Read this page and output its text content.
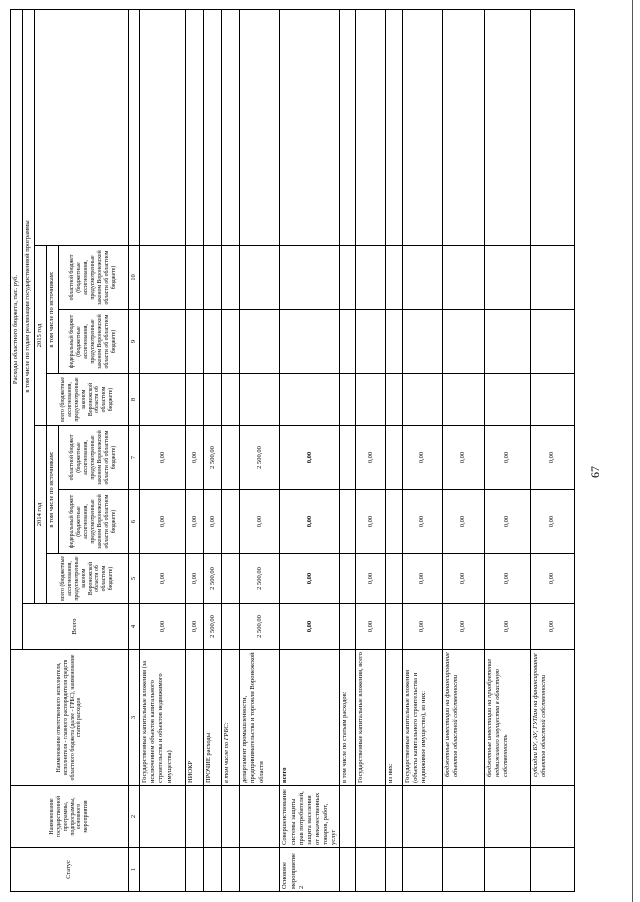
Статус	Наименование государственной программы, подпрограммы, основного мероприятия	Наименование ответственного исполнителя, исполнителя - главного распорядителя средств областного бюджета (далее - ГРБС), наименование статей расходов	Расходы областного бюджета, тыс. руб.							
			Всего	в том числе по годам реализации государственной программы						
				2014 год			2015 год			
				всего (бюджетные ассигнования, предусмотренные законом Воронежской области об областном бюджете)	в том числе по источникам:		всего (бюджетные ассигнования, предусмотренные законом Воронежской области об областном бюджете)	в том числе по источникам:		
					федеральный бюджет (бюджетные ассигнования, предусмотренные законом Воронежской области об областном бюджете)	областной бюджет (бюджетные ассигнования, предусмотренные законом Воронежской области об областном бюджете)		федеральный бюджет (бюджетные ассигнования, предусмотренные законом Воронежской области об областном бюджете)	областной бюджет (бюджетные ассигнования, предусмотренные законом Воронежской области об областном бюджете)	
1	2	3	4	5	6	7	8	9	10	
		Государственные капитальные вложения (за исключением объектов капитального строительства и объектов недвижимого имущества)	0,00	0,00	0,00	0,00				
		НИОКР	0,00	0,00	0,00	0,00				
		ПРОЧИЕ расходы	2 500,00	2 500,00	0,00	2 500,00				
		в том числе по ГРБС:								
		департамент промышленности, предпринимательства и торговли Воронежской области	2 500,00	2 500,00	0,00	2 500,00				
Основное мероприятие 2	Совершенствование системы защиты прав потребителей, защита населения от некачественных товаров, работ, услуг	всего	0,00	0,00	0,00	0,00				
		в том числе по статьям расходов:								
		Государственные капитальные вложения, всего	0,00	0,00	0,00	0,00				
		из них:								
		Государственные капитальные вложения (объекты капитального строительства и недвижимое имущество), из них:	0,00	0,00	0,00	0,00				
		бюджетные инвестиции на финансирование объектов областной собственности	0,00	0,00	0,00	0,00				
		бюджетные инвестиции на приобретение недвижимого имущества в областную собственность	0,00	0,00	0,00	0,00				
		субсидии БУ, АУ, ГУПам на финансирование объектов областной собственности	0,00	0,00	0,00	0,00				
67
